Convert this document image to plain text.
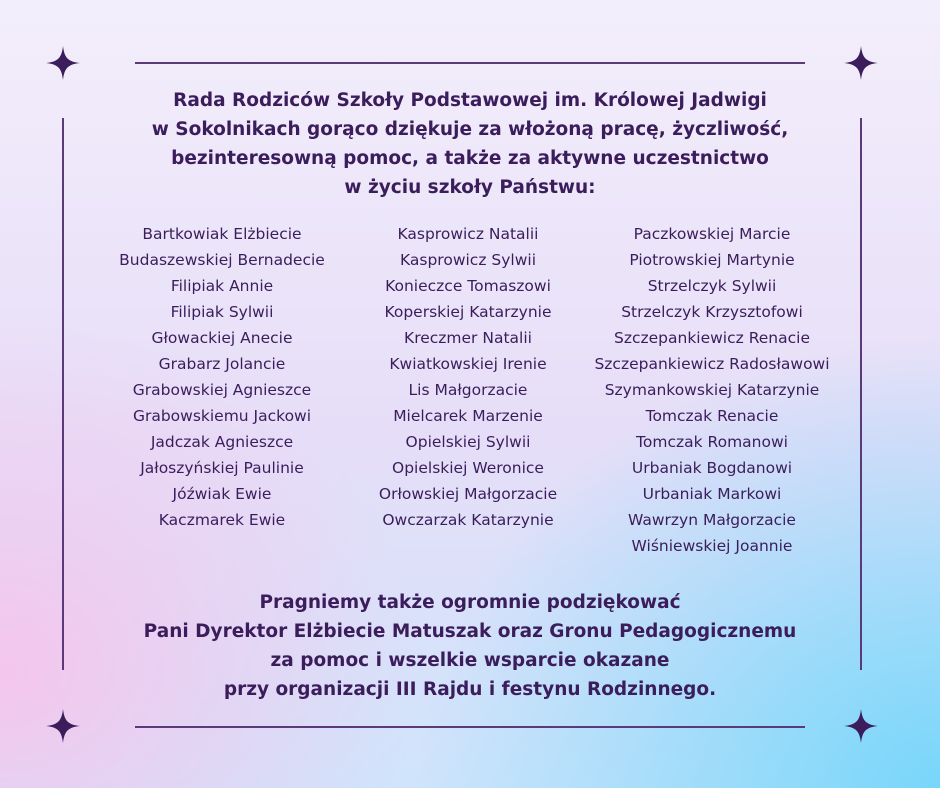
Rada Rodziców Szkoły Podstawowej im. Królowej Jadwigi
w Sokolnikach gorąco dziękuje za włożoną pracę, życzliwość,
bezinteresowną pomoc, a także za aktywne uczestnictwo
w życiu szkoły Państwu:
Bartkowiak Elżbiecie
Budaszewskiej Bernadecie
Filipiak Annie
Filipiak Sylwii
Głowackiej Anecie
Grabarz Jolancie
Grabowskiej Agnieszce
Grabowskiemu Jackowi
Jadczak Agnieszce
Jałoszyńskiej Paulinie
Jóźwiak Ewie
Kaczmarek Ewie
Kasprowicz Natalii
Kasprowicz Sylwii
Konieczce Tomaszowi
Koperskiej Katarzynie
Kreczmer Natalii
Kwiatkowskiej Irenie
Lis Małgorzacie
Mielcarek Marzenie
Opielskiej Sylwii
Opielskiej Weronice
Orłowskiej Małgorzacie
Owczarzak Katarzynie
Paczkowskiej Marcie
Piotrowskiej Martynie
Strzelczyk Sylwii
Strzelczyk Krzysztofowi
Szczepankiewicz Renacie
Szczepankiewicz Radosławowi
Szymankowskiej Katarzynie
Tomczak Renacie
Tomczak Romanowi
Urbaniak Bogdanowi
Urbaniak Markowi
Wawrzyn Małgorzacie
Wiśniewskiej Joannie
Pragniemy także ogromnie podziękować
Pani Dyrektor Elżbiecie Matuszak oraz Gronu Pedagogicznemu
za pomoc i wszelkie wsparcie okazane
przy organizacji III Rajdu i festynu Rodzinnego.
